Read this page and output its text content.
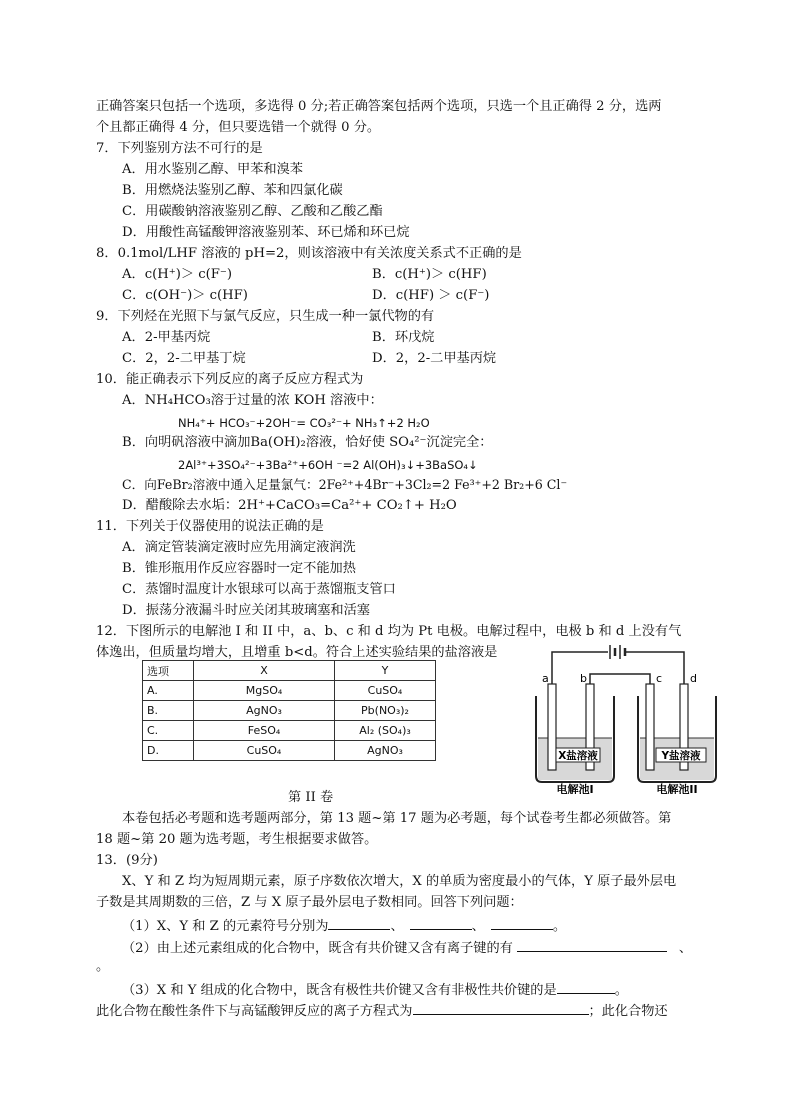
正确答案只包括一个选项，多选得 0 分;若正确答案包括两个选项，只选一个且正确得 2 分，选两
个且都正确得 4 分，但只要选错一个就得 0 分。
7．下列鉴别方法不可行的是
A．用水鉴别乙醇、甲苯和溴苯
B．用燃烧法鉴别乙醇、苯和四氯化碳
C．用碳酸钠溶液鉴别乙醇、乙酸和乙酸乙酯
D．用酸性高锰酸钾溶液鉴别苯、环已烯和环已烷
8．0.1mol/LHF 溶液的 pH=2，则该溶液中有关浓度关系式不正确的是
A．c(H⁺)＞ c(F⁻)	B．c(H⁺)＞ c(HF)
C．c(OH⁻)＞ c(HF)	D．c(HF) ＞ c(F⁻)
9．下列烃在光照下与氯气反应，只生成一种一氯代物的有
A．2-甲基丙烷	B．环戊烷
C．2，2-二甲基丁烷	D．2，2-二甲基丙烷
10．能正确表示下列反应的离子反应方程式为
A．NH₄HCO₃溶于过量的浓 KOH 溶液中：
NH₄⁺+ HCO₃⁻+2OH⁻= CO₃²⁻+ NH₃↑+2 H₂O
B．向明矾溶液中滴加Ba(OH)₂溶液，恰好使 SO₄²⁻沉淀完全：
2Al³⁺+3SO₄²⁻+3Ba²⁺+6OH ⁻=2 Al(OH)₃↓+3BaSO₄↓
C．向FeBr₂溶液中通入足量氯气：2Fe²⁺+4Br⁻+3Cl₂=2 Fe³⁺+2 Br₂+6 Cl⁻
D．醋酸除去水垢：2H⁺+CaCO₃=Ca²⁺+ CO₂↑+ H₂O
11．下列关于仪器使用的说法正确的是
A．滴定管装滴定液时应先用滴定液润洗
B．锥形瓶用作反应容器时一定不能加热
C．蒸馏时温度计水银球可以高于蒸馏瓶支管口
D．振荡分液漏斗时应关闭其玻璃塞和活塞
12．下图所示的电解池 I 和 II 中，a、b、c 和 d 均为 Pt 电极。电解过程中，电极 b 和 d 上没有气
体逸出，但质量均增大，且增重 b<d。符合上述实验结果的盐溶液是
选项	X	Y
A.	MgSO₄	CuSO₄
B.	AgNO₃	Pb(NO₃)₂
C.	FeSO₄	Al₂ (SO₄)₃
D.	CuSO₄	AgNO₃
第 II 卷
本卷包括必考题和选考题两部分，第 13 题~第 17 题为必考题，每个试卷考生都必须做答。第
18 题~第 20 题为选考题，考生根据要求做答。
13．(9分)
X、Y 和 Z 均为短周期元素，原子序数依次增大，X 的单质为密度最小的气体，Y 原子最外层电
子数是其周期数的三倍，Z 与 X 原子最外层电子数相同。回答下列问题：
（1）X、Y 和 Z 的元素符号分别为	、	、	。
（2）由上述元素组成的化合物中，既含有共价键又含有离子键的有	、
。
（3）X 和 Y 组成的化合物中，既含有极性共价键又含有非极性共价键的是	。
此化合物在酸性条件下与高锰酸钾反应的离子方程式为	；此化合物还
a	b	c	d
X盐溶液	Y盐溶液
电解池I	电解池II
